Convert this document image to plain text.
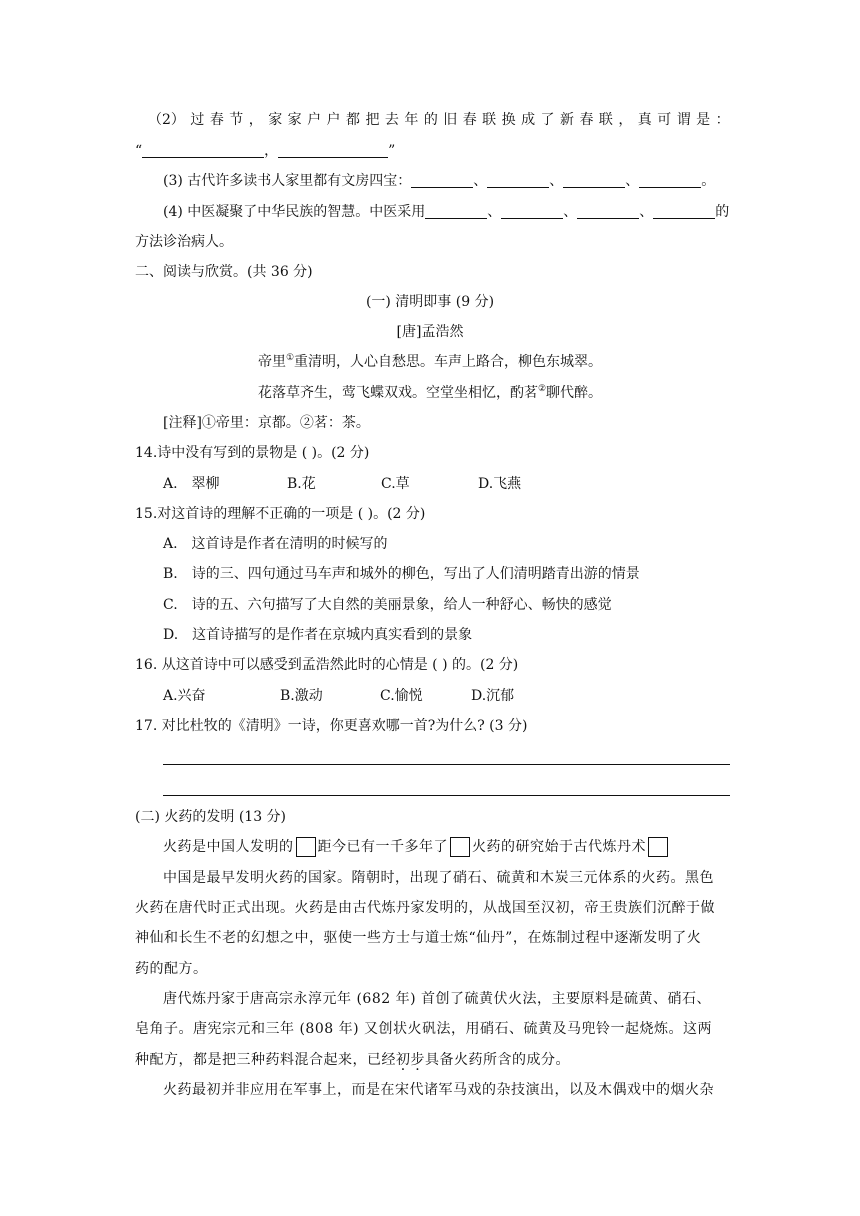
（2） 过 春 节 ， 家 家 户 户 都 把 去 年 的 旧 春 联 换 成 了 新 春 联 ， 真 可 谓 是 ：
“	，	”
(3) 古代许多读书人家里都有文房四宝：	、	、	、	。
(4) 中医凝聚了中华民族的智慧。中医采用	、	、	、	的
方法诊治病人。
二、阅读与欣赏。(共 36 分)
(一) 清明即事 (9 分)
[唐]孟浩然
帝里①重清明，人心自愁思。车声上路合，柳色东城翠。
花落草齐生，莺飞蝶双戏。空堂坐相忆，酌茗②聊代醉。
[注释]①帝里：京都。②茗：茶。
14.诗中没有写到的景物是 ( )。(2 分)
A.　翠柳	B.花	C.草	D.飞燕
15.对这首诗的理解不正确的一项是 ( )。(2 分)
A.　这首诗是作者在清明的时候写的
B.　诗的三、四句通过马车声和城外的柳色，写出了人们清明踏青出游的情景
C.　诗的五、六句描写了大自然的美丽景象，给人一种舒心、畅快的感觉
D.　这首诗描写的是作者在京城内真实看到的景象
16. 从这首诗中可以感受到孟浩然此时的心情是 ( ) 的。(2 分)
A.兴奋	B.激动	C.愉悦	D.沉郁
17. 对比杜牧的《清明》一诗，你更喜欢哪一首?为什么? (3 分)
(二) 火药的发明 (13 分)
火药是中国人发明的 距今已有一千多年了 火药的研究始于古代炼丹术
中国是最早发明火药的国家。隋朝时，出现了硝石、硫黄和木炭三元体系的火药。黑色
火药在唐代时正式出现。火药是由古代炼丹家发明的，从战国至汉初，帝王贵族们沉醉于做
神仙和长生不老的幻想之中，驱使一些方士与道士炼“仙丹”，在炼制过程中逐渐发明了火
药的配方。
唐代炼丹家于唐高宗永淳元年 (682 年) 首创了硫黄伏火法，主要原料是硫黄、硝石、
皂角子。唐宪宗元和三年 (808 年) 又创状火矾法，用硝石、硫黄及马兜铃一起烧炼。这两
种配方，都是把三种药料混合起来，已经初步具备火药所含的成分。
火药最初并非应用在军事上，而是在宋代诸军马戏的杂技演出，以及木偶戏中的烟火杂
